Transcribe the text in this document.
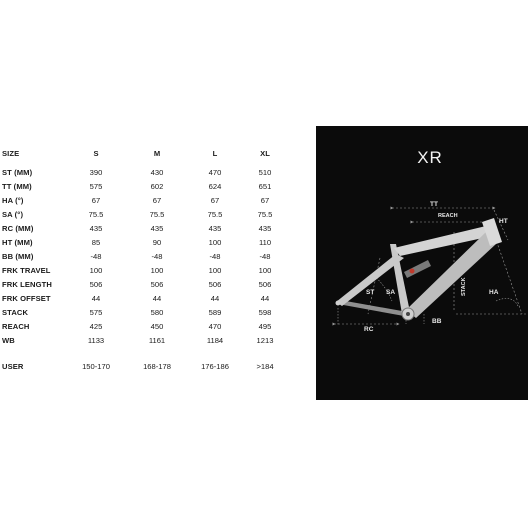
SIZE	S	M	L	XL
ST (MM)	390	430	470	510
TT (MM)	575	602	624	651
HA (°)	67	67	67	67
SA (°)	75.5	75.5	75.5	75.5
RC (MM)	435	435	435	435
HT (MM)	85	90	100	110
BB (MM)	-48	-48	-48	-48
FRK TRAVEL	100	100	100	100
FRK LENGTH	506	506	506	506
FRK OFFSET	44	44	44	44
STACK	575	580	589	598
REACH	425	450	470	495
WB	1133	1161	1184	1213
USER	150-170	168-178	176-186	>184
XR
TT
REACH
HT
ST SA	STACK	HA
RC
BB
